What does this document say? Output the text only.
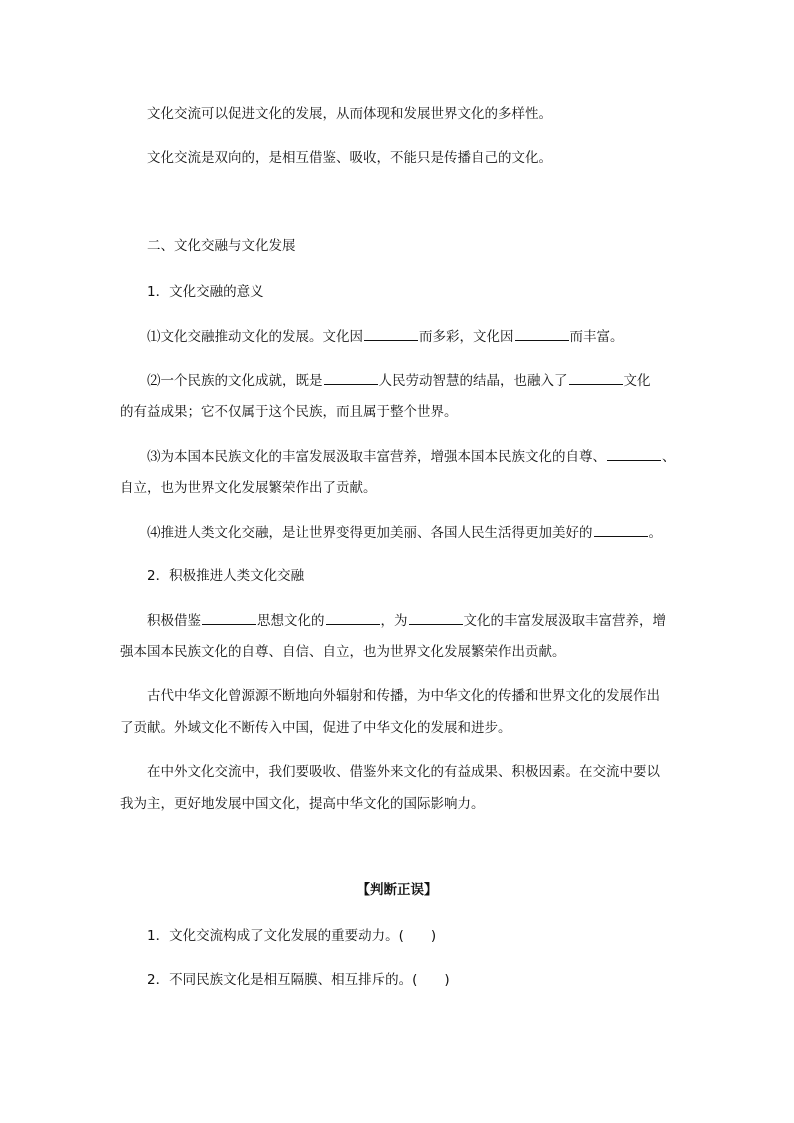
文化交流可以促进文化的发展，从而体现和发展世界文化的多样性。
文化交流是双向的，是相互借鉴、吸收，不能只是传播自己的文化。
二、文化交融与文化发展
1．文化交融的意义
⑴文化交融推动文化的发展。文化因	而多彩，文化因	而丰富。
⑵一个民族的文化成就，既是	人民劳动智慧的结晶，也融入了	文化
的有益成果；它不仅属于这个民族，而且属于整个世界。
⑶为本国本民族文化的丰富发展汲取丰富营养，增强本国本民族文化的自尊、	、
自立，也为世界文化发展繁荣作出了贡献。
⑷推进人类文化交融，是让世界变得更加美丽、各国人民生活得更加美好的	。
2．积极推进人类文化交融
积极借鉴	思想文化的	，为	文化的丰富发展汲取丰富营养，增
强本国本民族文化的自尊、自信、自立，也为世界文化发展繁荣作出贡献。
古代中华文化曾源源不断地向外辐射和传播，为中华文化的传播和世界文化的发展作出
了贡献。外域文化不断传入中国，促进了中华文化的发展和进步。
在中外文化交流中，我们要吸收、借鉴外来文化的有益成果、积极因素。在交流中要以
我为主，更好地发展中国文化，提高中华文化的国际影响力。
【判断正误】
1．文化交流构成了文化发展的重要动力。(　　)
2．不同民族文化是相互隔膜、相互排斥的。(　　)
